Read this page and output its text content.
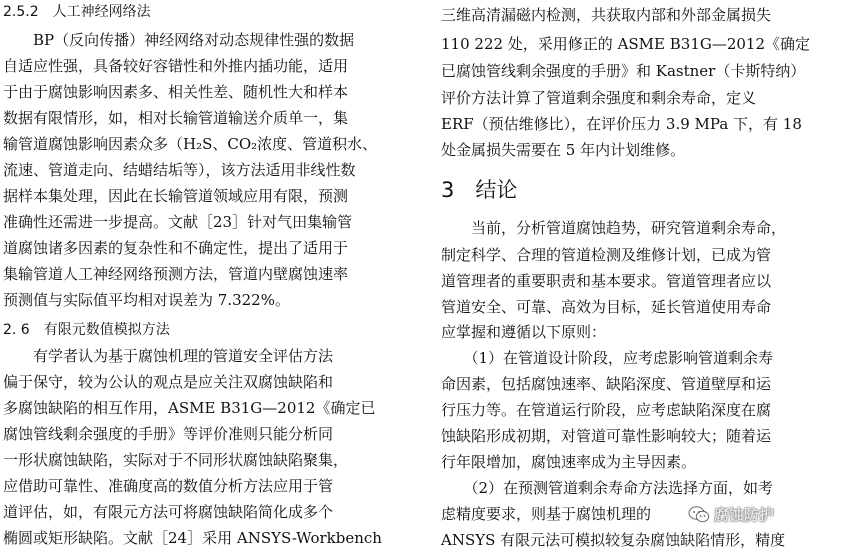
2.5.2　人工神经网络法
　　BP（反向传播）神经网络对动态规律性强的数据
自适应性强，具备较好容错性和外推内插功能，适用
于由于腐蚀影响因素多、相关性差、随机性大和样本
数据有限情形，如，相对长输管道输送介质单一，集
输管道腐蚀影响因素众多（H₂S、CO₂浓度、管道积水、
流速、管道走向、结蜡结垢等），该方法适用非线性数
据样本集处理，因此在长输管道领域应用有限，预测
准确性还需进一步提高。文献［23］针对气田集输管
道腐蚀诸多因素的复杂性和不确定性，提出了适用于
集输管道人工神经网络预测方法，管道内壁腐蚀速率
预测值与实际值平均相对误差为 7.322%。
2. 6　有限元数值模拟方法
　　有学者认为基于腐蚀机理的管道安全评估方法
偏于保守，较为公认的观点是应关注双腐蚀缺陷和
多腐蚀缺陷的相互作用，ASME B31G—2012《确定已
腐蚀管线剩余强度的手册》等评价准则只能分析同
一形状腐蚀缺陷，实际对于不同形状腐蚀缺陷聚集，
应借助可靠性、准确度高的数值分析方法应用于管
道评估，如，有限元方法可将腐蚀缺陷简化成多个
椭圆或矩形缺陷。文献［24］采用 ANSYS-Workbench
三维高清漏磁内检测，共获取内部和外部金属损失
110 222 处，采用修正的 ASME B31G—2012《确定
已腐蚀管线剩余强度的手册》和 Kastner（卡斯特纳）
评价方法计算了管道剩余强度和剩余寿命，定义
ERF（预估维修比），在评价压力 3.9 MPa 下，有 18
处金属损失需要在 5 年内计划维修。
3　结论
　　当前，分析管道腐蚀趋势，研究管道剩余寿命，
制定科学、合理的管道检测及维修计划，已成为管
道管理者的重要职责和基本要求。管道管理者应以
管道安全、可靠、高效为目标，延长管道使用寿命
应掌握和遵循以下原则：
　　（1）在管道设计阶段，应考虑影响管道剩余寿
命因素，包括腐蚀速率、缺陷深度、管道壁厚和运
行压力等。在管道运行阶段，应考虑缺陷深度在腐
蚀缺陷形成初期，对管道可靠性影响较大；随着运
行年限增加，腐蚀速率成为主导因素。
　　（2）在预测管道剩余寿命方法选择方面，如考
虑精度要求，则基于腐蚀机理的
ANSYS 有限元法可模拟较复杂腐蚀缺陷情形，精度
腐蚀防护
